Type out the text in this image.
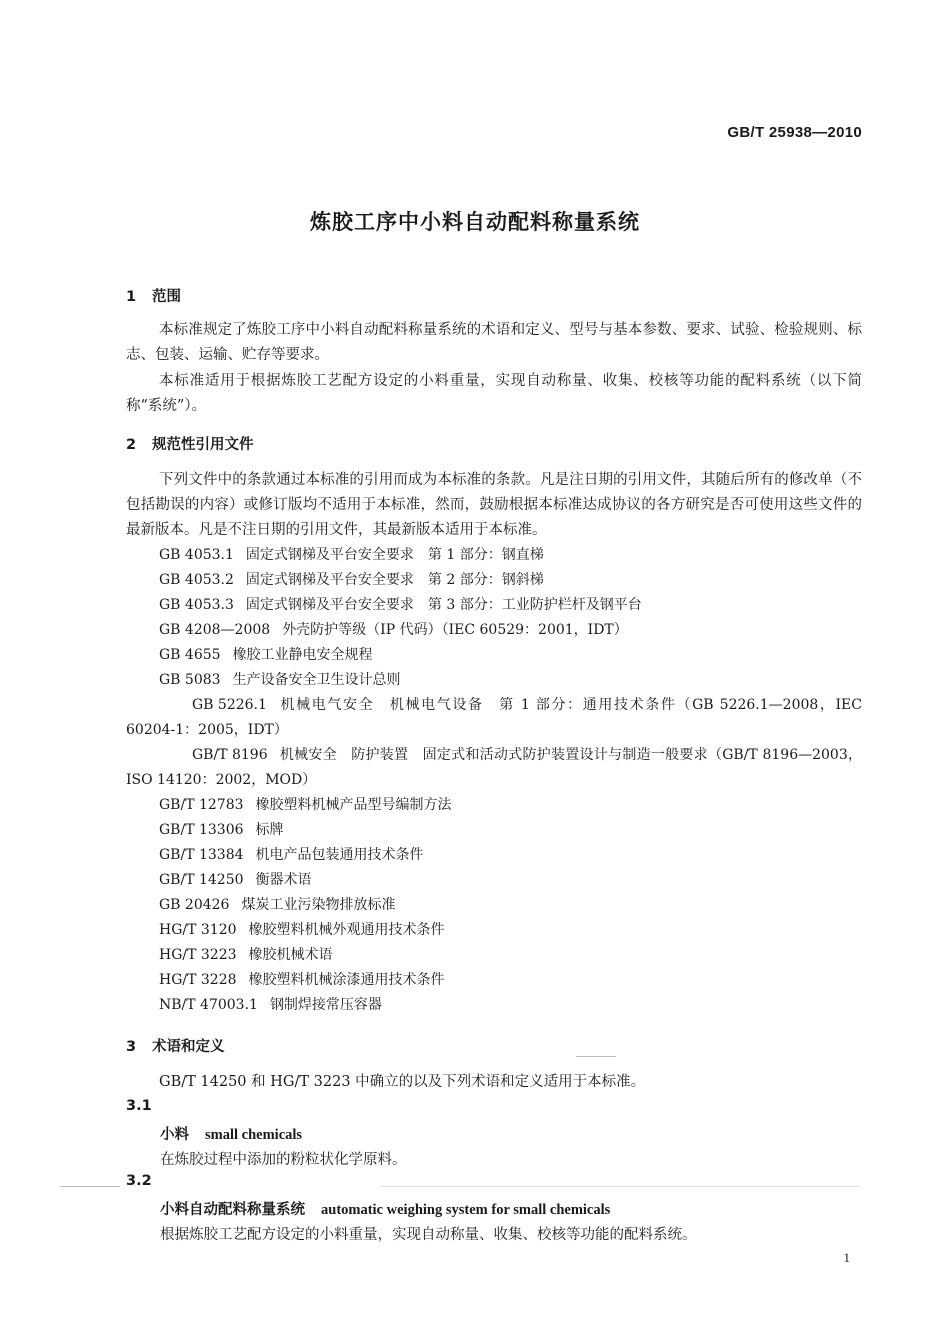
GB/T 25938—2010
炼胶工序中小料自动配料称量系统
1 范围
本标准规定了炼胶工序中小料自动配料称量系统的术语和定义、型号与基本参数、要求、试验、检验规则、标志、包装、运输、贮存等要求。
本标准适用于根据炼胶工艺配方设定的小料重量，实现自动称量、收集、校核等功能的配料系统（以下简称“系统”）。
2 规范性引用文件
下列文件中的条款通过本标准的引用而成为本标准的条款。凡是注日期的引用文件，其随后所有的修改单（不包括勘误的内容）或修订版均不适用于本标准，然而，鼓励根据本标准达成协议的各方研究是否可使用这些文件的最新版本。凡是不注日期的引用文件，其最新版本适用于本标准。
GB 4053.1 固定式钢梯及平台安全要求　第 1 部分：钢直梯
GB 4053.2 固定式钢梯及平台安全要求　第 2 部分：钢斜梯
GB 4053.3 固定式钢梯及平台安全要求　第 3 部分：工业防护栏杆及钢平台
GB 4208—2008 外壳防护等级（IP 代码）（IEC 60529：2001，IDT）
GB 4655 橡胶工业静电安全规程
GB 5083 生产设备安全卫生设计总则
GB 5226.1 机械电气安全　机械电气设备　第 1 部分：通用技术条件（GB 5226.1—2008，IEC 60204-1：2005，IDT）
GB/T 8196 机械安全　防护装置　固定式和活动式防护装置设计与制造一般要求（GB/T 8196—2003，ISO 14120：2002，MOD）
GB/T 12783 橡胶塑料机械产品型号编制方法
GB/T 13306 标牌
GB/T 13384 机电产品包装通用技术条件
GB/T 14250 衡器术语
GB 20426 煤炭工业污染物排放标准
HG/T 3120 橡胶塑料机械外观通用技术条件
HG/T 3223 橡胶机械术语
HG/T 3228 橡胶塑料机械涂漆通用技术条件
NB/T 47003.1 钢制焊接常压容器
3 术语和定义
GB/T 14250 和 HG/T 3223 中确立的以及下列术语和定义适用于本标准。
3.1
小料 small chemicals
在炼胶过程中添加的粉粒状化学原料。
3.2
小料自动配料称量系统 automatic weighing system for small chemicals
根据炼胶工艺配方设定的小料重量，实现自动称量、收集、校核等功能的配料系统。
1
